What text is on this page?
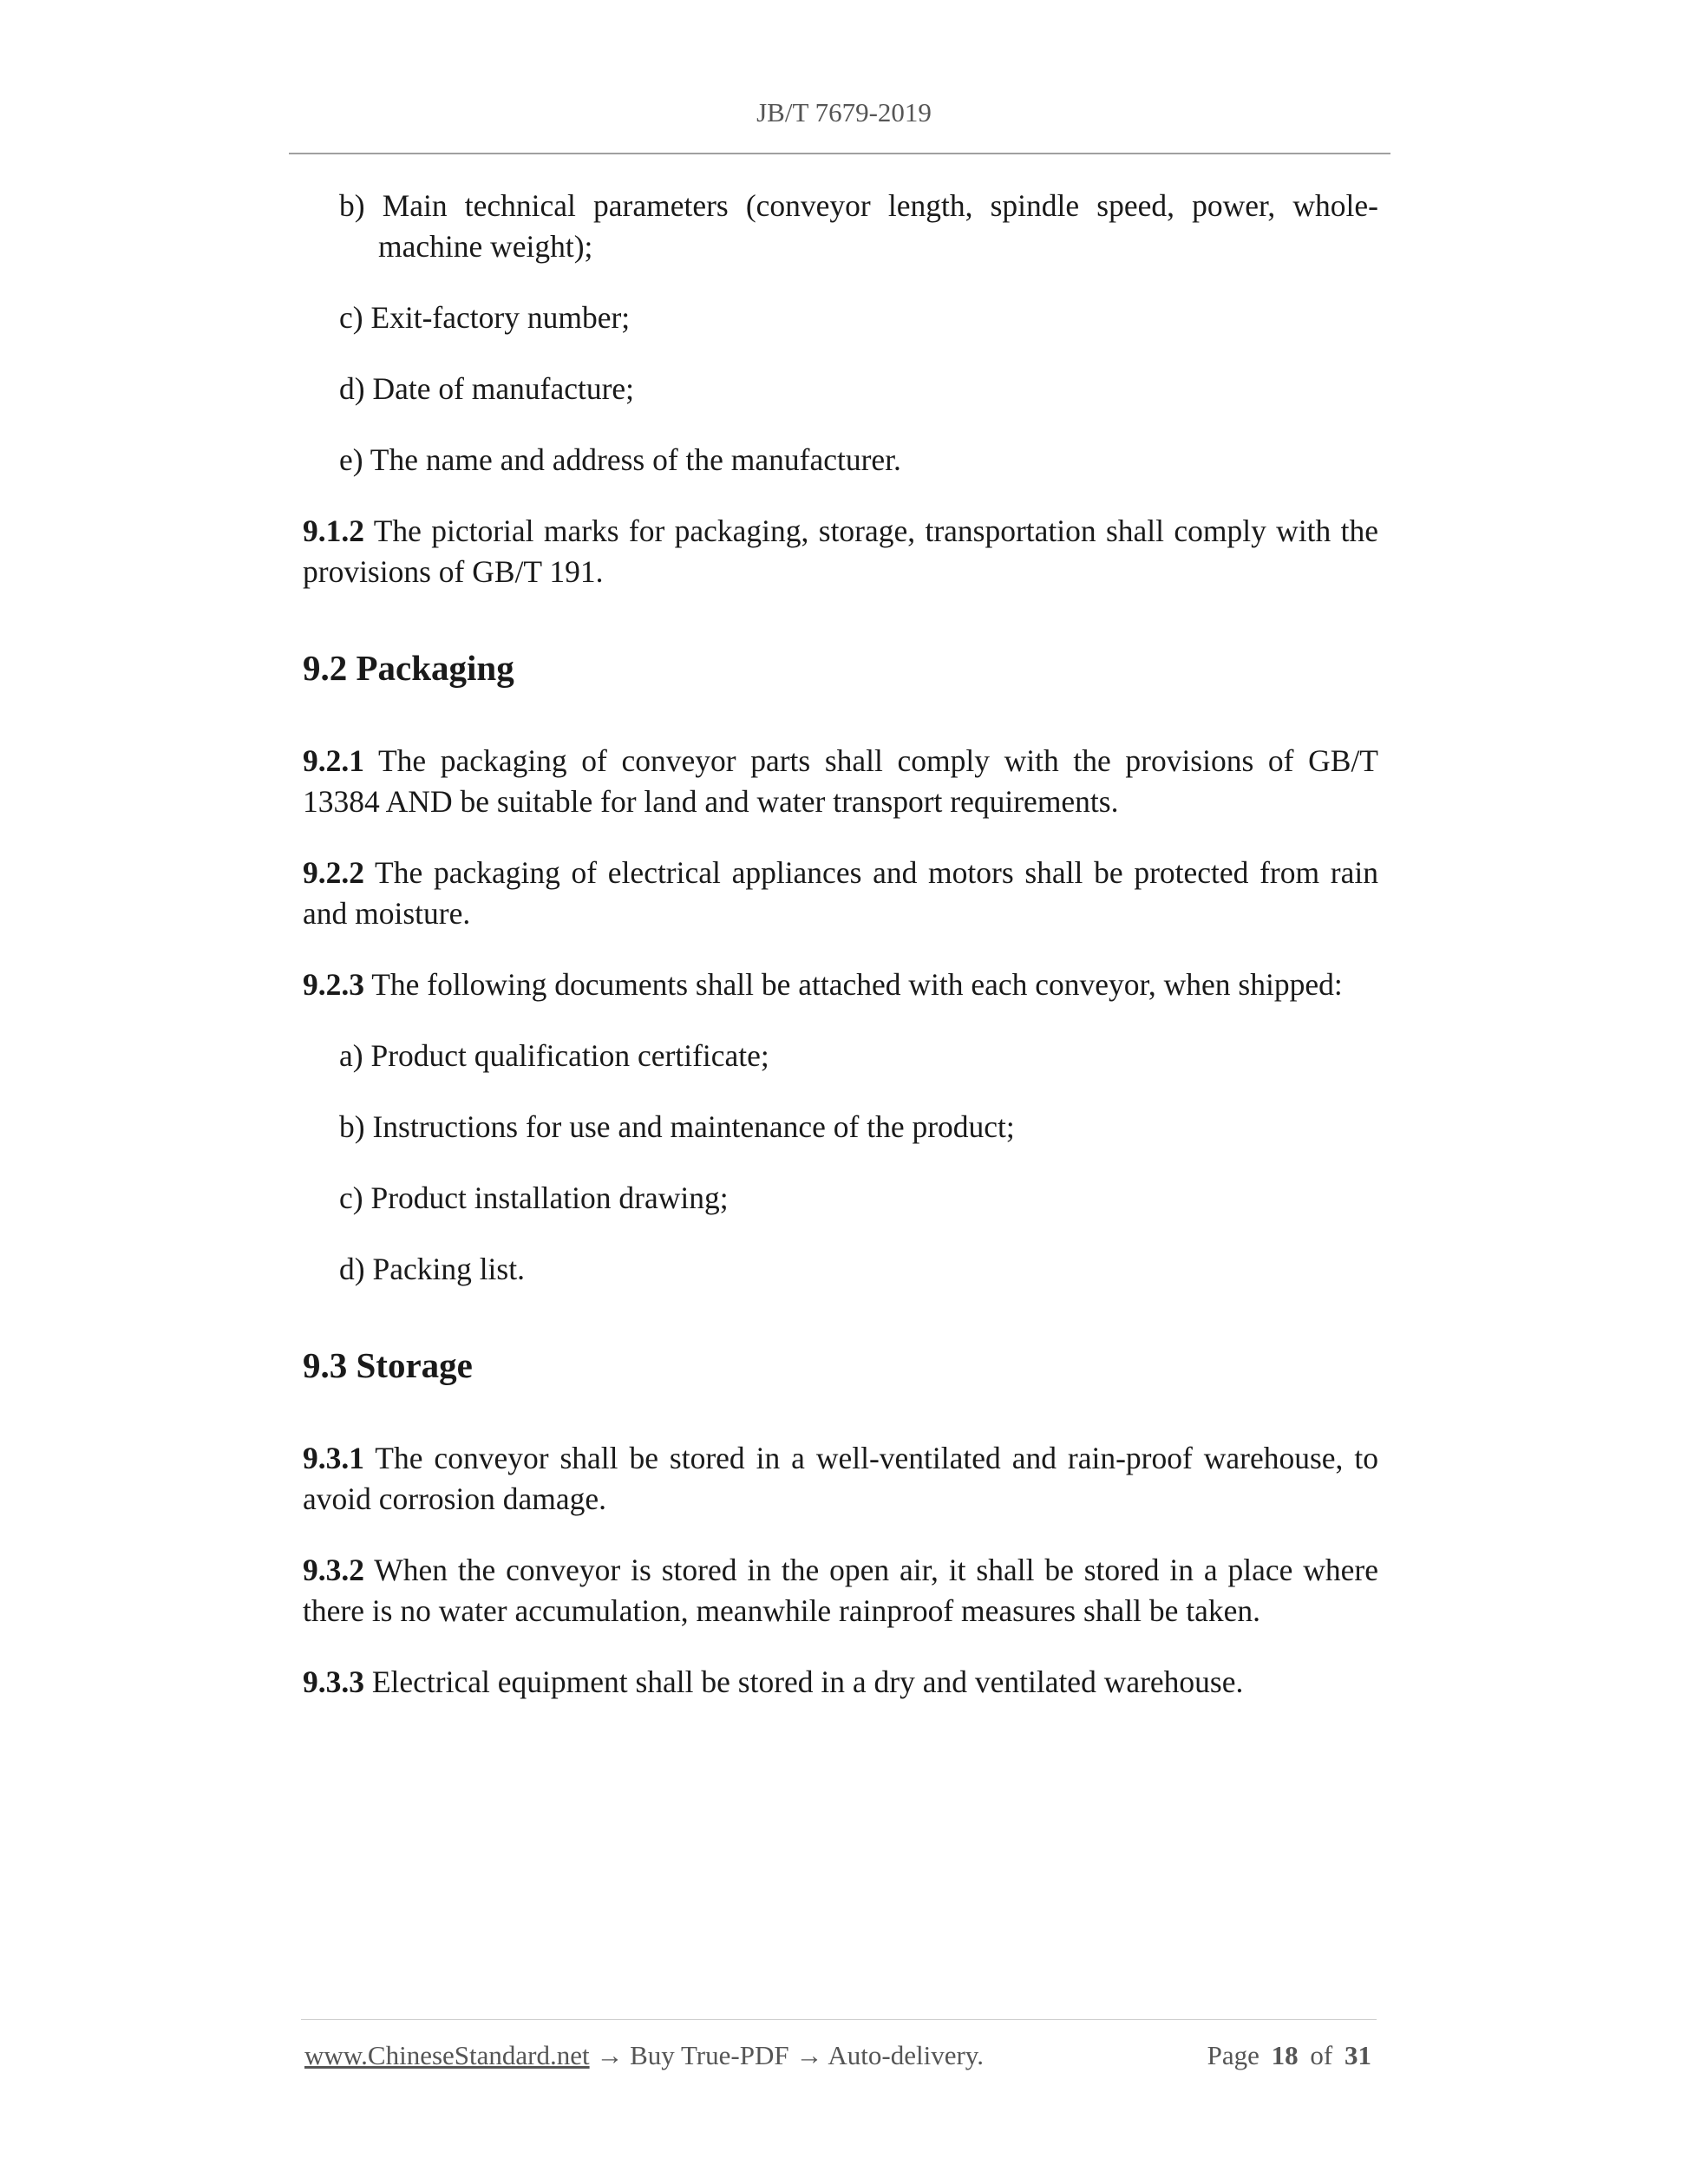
JB/T 7679-2019
b) Main technical parameters (conveyor length, spindle speed, power, whole-machine weight);
c) Exit-factory number;
d) Date of manufacture;
e) The name and address of the manufacturer.

9.1.2 The pictorial marks for packaging, storage, transportation shall comply with the provisions of GB/T 191.

9.2 Packaging

9.2.1 The packaging of conveyor parts shall comply with the provisions of GB/T 13384 AND be suitable for land and water transport requirements.

9.2.2 The packaging of electrical appliances and motors shall be protected from rain and moisture.

9.2.3 The following documents shall be attached with each conveyor, when shipped:

a) Product qualification certificate;
b) Instructions for use and maintenance of the product;
c) Product installation drawing;
d) Packing list.
9.3 Storage

9.3.1 The conveyor shall be stored in a well-ventilated and rain-proof warehouse, to avoid corrosion damage.

9.3.2 When the conveyor is stored in the open air, it shall be stored in a place where there is no water accumulation, meanwhile rainproof measures shall be taken.

9.3.3 Electrical equipment shall be stored in a dry and ventilated warehouse.

www.ChineseStandard.net → Buy True-PDF → Auto-delivery.	Page 18 of 31
